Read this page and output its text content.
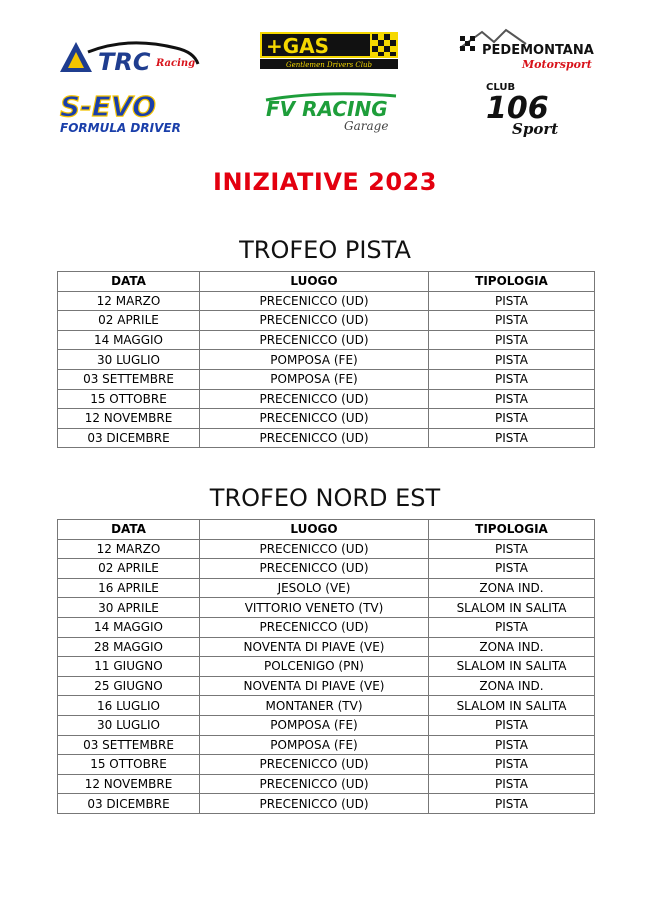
TRC Racing
+GAS
Gentlemen Drivers Club
PEDEMONTANA
Motorsport
S-EVO
FORMULA DRIVER
FV RACING
Garage
CLUB
106
Sport
INIZIATIVE 2023
TROFEO PISTA
DATA	LUOGO	TIPOLOGIA
12 MARZO	PRECENICCO (UD)	PISTA
02 APRILE	PRECENICCO (UD)	PISTA
14 MAGGIO	PRECENICCO (UD)	PISTA
30 LUGLIO	POMPOSA (FE)	PISTA
03 SETTEMBRE	POMPOSA (FE)	PISTA
15 OTTOBRE	PRECENICCO (UD)	PISTA
12 NOVEMBRE	PRECENICCO (UD)	PISTA
03 DICEMBRE	PRECENICCO (UD)	PISTA
TROFEO NORD EST
DATA	LUOGO	TIPOLOGIA
12 MARZO	PRECENICCO (UD)	PISTA
02 APRILE	PRECENICCO (UD)	PISTA
16 APRILE	JESOLO (VE)	ZONA IND.
30 APRILE	VITTORIO VENETO (TV)	SLALOM IN SALITA
14 MAGGIO	PRECENICCO (UD)	PISTA
28 MAGGIO	NOVENTA DI PIAVE (VE)	ZONA IND.
11 GIUGNO	POLCENIGO (PN)	SLALOM IN SALITA
25 GIUGNO	NOVENTA DI PIAVE (VE)	ZONA IND.
16 LUGLIO	MONTANER (TV)	SLALOM IN SALITA
30 LUGLIO	POMPOSA (FE)	PISTA
03 SETTEMBRE	POMPOSA (FE)	PISTA
15 OTTOBRE	PRECENICCO (UD)	PISTA
12 NOVEMBRE	PRECENICCO (UD)	PISTA
03 DICEMBRE	PRECENICCO (UD)	PISTA
